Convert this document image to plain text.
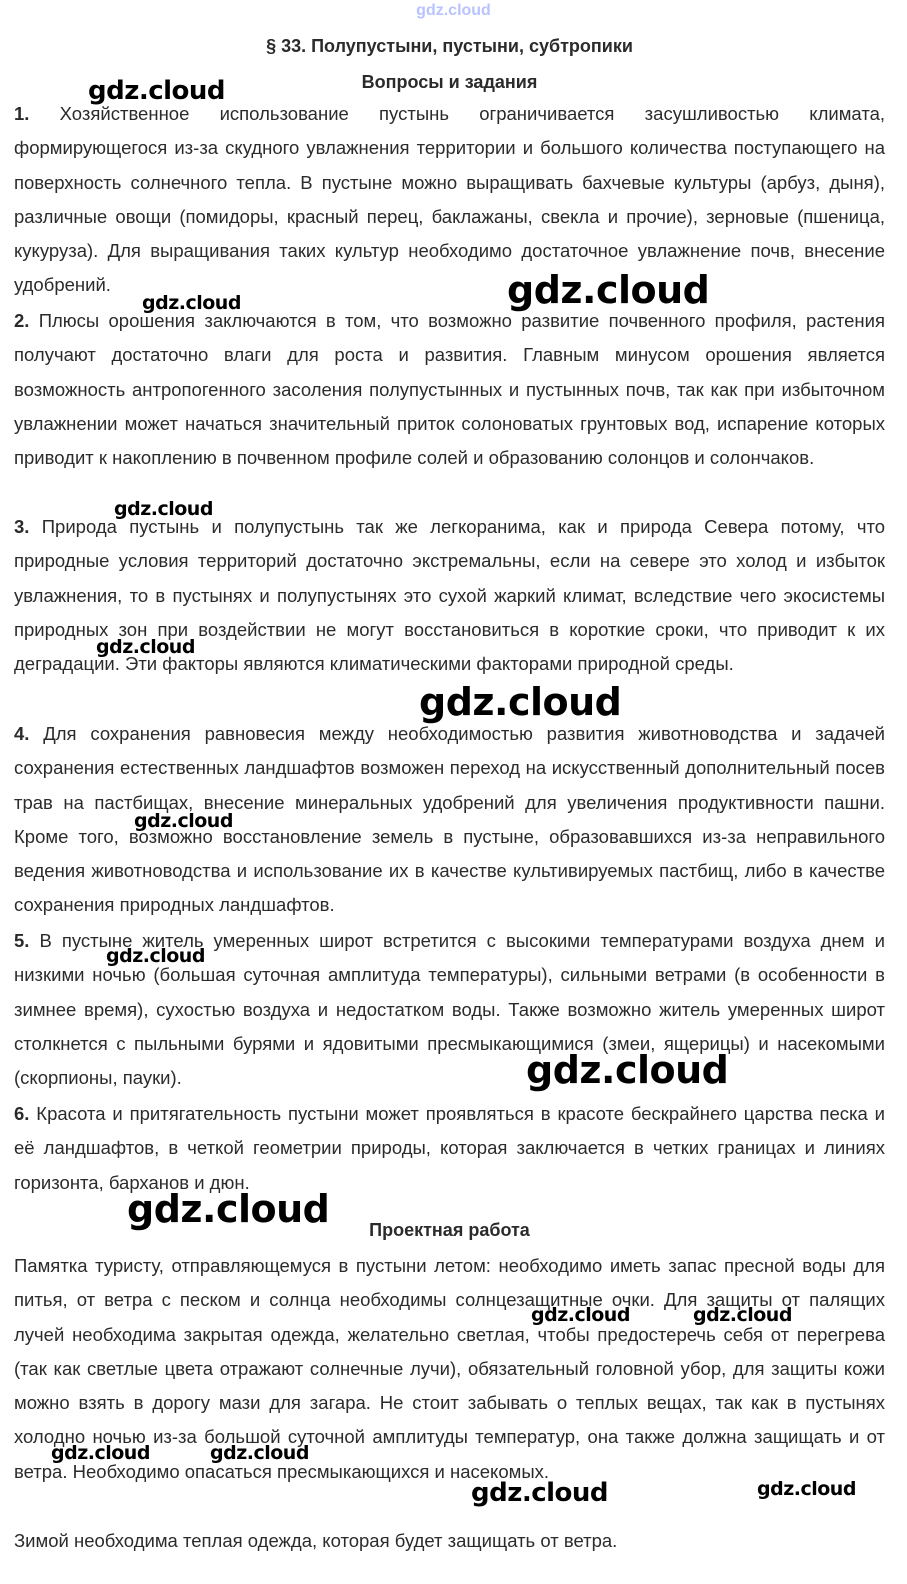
gdz.cloud
§ 33. Полупустыни, пустыни, субтропики
Вопросы и задания
1. Хозяйственное использование пустынь ограничивается засушливостью климата, формирующегося из-за скудного увлажнения территории и большого количества поступающего на поверхность солнечного тепла. В пустыне можно выращивать бахчевые культуры (арбуз, дыня), различные овощи (помидоры, красный перец, баклажаны, свекла и прочие), зерновые (пшеница, кукуруза). Для выращивания таких культур необходимо достаточное увлажнение почв, внесение удобрений.
2. Плюсы орошения заключаются в том, что возможно развитие почвенного профиля, растения получают достаточно влаги для роста и развития. Главным минусом орошения является возможность антропогенного засоления полупустынных и пустынных почв, так как при избыточном увлажнении может начаться значительный приток солоноватых грунтовых вод, испарение которых приводит к накоплению в почвенном профиле солей и образованию солонцов и солончаков.
3. Природа пустынь и полупустынь так же легкоранима, как и природа Севера потому, что природные условия территорий достаточно экстремальны, если на севере это холод и избыток увлажнения, то в пустынях и полупустынях это сухой жаркий климат, вследствие чего экосистемы природных зон при воздействии не могут восстановиться в короткие сроки, что приводит к их деградации. Эти факторы являются климатическими факторами природной среды.
4. Для сохранения равновесия между необходимостью развития животноводства и задачей сохранения естественных ландшафтов возможен переход на искусственный дополнительный посев трав на пастбищах, внесение минеральных удобрений для увеличения продуктивности пашни. Кроме того, возможно восстановление земель в пустыне, образовавшихся из-за неправильного ведения животноводства и использование их в качестве культивируемых пастбищ, либо в качестве сохранения природных ландшафтов.
5. В пустыне житель умеренных широт встретится с высокими температурами воздуха днем и низкими ночью (большая суточная амплитуда температуры), сильными ветрами (в особенности в зимнее время), сухостью воздуха и недостатком воды. Также возможно житель умеренных широт столкнется с пыльными бурями и ядовитыми пресмыкающимися (змеи, ящерицы) и насекомыми (скорпионы, пауки).
6. Красота и притягательность пустыни может проявляться в красоте бескрайнего царства песка и её ландшафтов, в четкой геометрии природы, которая заключается в четких границах и линиях горизонта, барханов и дюн.
Проектная работа
Памятка туристу, отправляющемуся в пустыни летом: необходимо иметь запас пресной воды для питья, от ветра с песком и солнца необходимы солнцезащитные очки. Для защиты от палящих лучей необходима закрытая одежда, желательно светлая, чтобы предостеречь себя от перегрева (так как светлые цвета отражают солнечные лучи), обязательный головной убор, для защиты кожи можно взять в дорогу мази для загара. Не стоит забывать о теплых вещах, так как в пустынях холодно ночью из-за большой суточной амплитуды температур, она также должна защищать и от ветра. Необходимо опасаться пресмыкающихся и насекомых.
Зимой необходима теплая одежда, которая будет защищать от ветра.
gdz.cloud
gdz.cloud
gdz.cloud
gdz.cloud
gdz.cloud
gdz.cloud
gdz.cloud
gdz.cloud
gdz.cloud
gdz.cloud
gdz.cloud	gdz.cloud
gdz.cloud	gdz.cloud
gdz.cloud	gdz.cloud
